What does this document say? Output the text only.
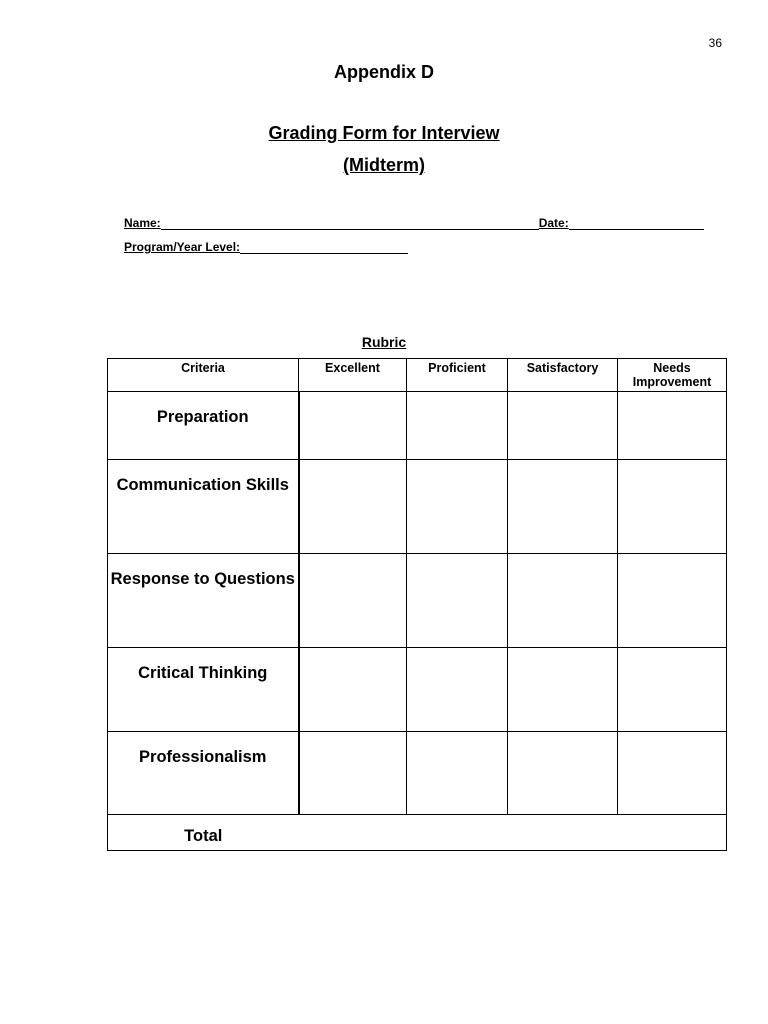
36
Appendix D
Grading Form for Interview
(Midterm)
Name:	Date:
Program/Year Level:
Rubric
Criteria	Excellent	Proficient	Satisfactory	Needs Improvement
Preparation				
Communication Skills				
Response to Questions				
Critical Thinking				
Professionalism				
Total				
